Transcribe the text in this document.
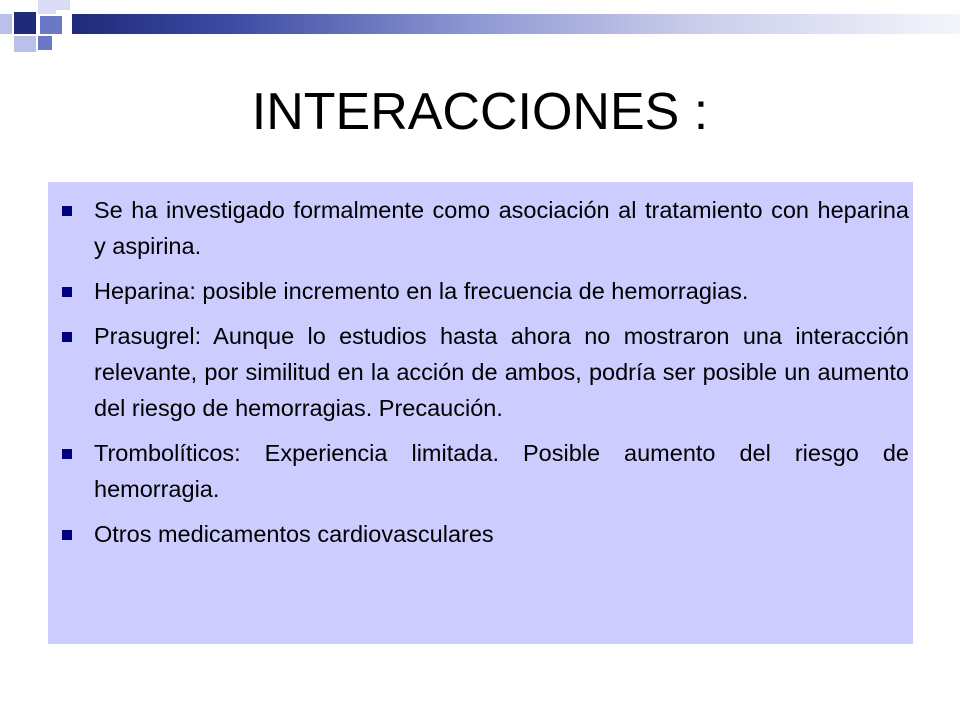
INTERACCIONES :
Se ha investigado formalmente como asociación al tratamiento con heparina y aspirina.
Heparina: posible incremento en la frecuencia de hemorragias.
Prasugrel: Aunque lo estudios hasta ahora no mostraron una interacción relevante, por similitud en la acción de ambos, podría ser posible un aumento del riesgo de hemorragias. Precaución.
Trombolíticos: Experiencia limitada. Posible aumento del riesgo de hemorragia.
Otros medicamentos cardiovasculares
